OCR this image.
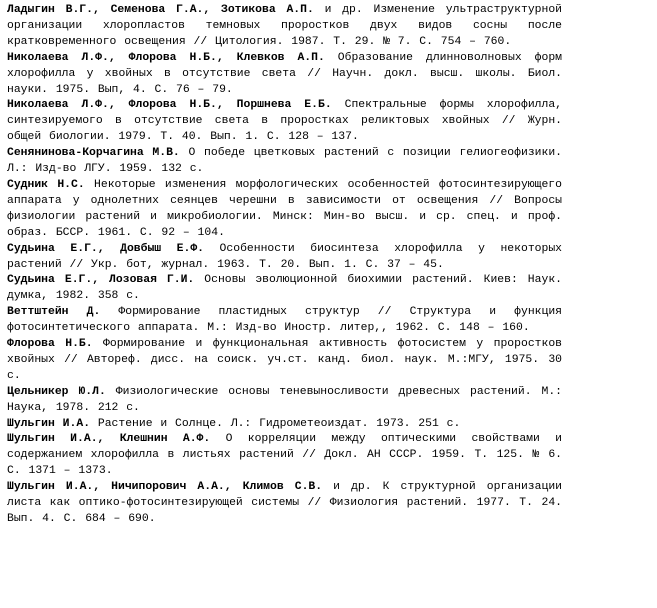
Ладыгин В.Г., Семенова Г.А., Зотикова А.П. и др. Изменение ультраструктурной организации хлоропластов темновых проростков двух видов сосны после кратковременного освещения // Цитология. 1987. Т. 29. № 7. С. 754 – 760.

Николаева Л.Ф., Флорова Н.Б., Клевков А.П. Образование длинноволновых форм хлорофилла у хвойных в отсутствие света // Научн. докл. высш. школы. Биол. науки. 1975. Вып, 4. С. 76 – 79.

Николаева Л.Ф., Флорова Н.Б., Поршнева Е.Б. Спектральные формы хлорофилла, синтезируемого в отсутствие света в проростках реликтовых хвойных // Журн. общей биологии. 1979. Т. 40. Вып. 1. С. 128 – 137.

Сенянинова-Корчагина М.В. О победе цветковых растений с позиции гелиогеофизики. Л.: Изд-во ЛГУ. 1959. 132 с.

Судник Н.С. Некоторые изменения морфологических особенностей фотосинтезирующего аппарата у однолетних сеянцев черешни в зависимости от освещения // Вопросы физиологии растений и микробиологии. Минск: Мин-во высш. и ср. спец. и проф. образ. БССР. 1961. С. 92 – 104.

Судьина Е.Г., Довбыш Е.Ф. Особенности биосинтеза хлорофилла у некоторых растений // Укр. бот, журнал. 1963. Т. 20. Вып. 1. С. 37 – 45.

Судьина Е.Г., Лозовая Г.И. Основы эволюционной биохимии растений. Киев: Наук. думка, 1982. 358 с.

Веттштейн Д. Формирование пластидных структур // Структура и функция фотосинтетического аппарата. М.: Изд-во Иностр. литер,, 1962. С. 148 – 160.

Флорова Н.Б. Формирование и функциональная активность фотосистем у проростков хвойных // Автореф. дисс. на соиск. уч.ст. канд. биол. наук. М.:МГУ, 1975. 30 с.

Цельникер Ю.Л. Физиологические основы теневыносливости древесных растений. М.: Наука, 1978. 212 с.

Шульгин И.А. Растение и Солнце. Л.: Гидрометеоиздат. 1973. 251 с.

Шульгин И.А., Клешнин А.Ф. О корреляции между оптическими свойствами и содержанием хлорофилла в листьях растений // Докл. АН СССР. 1959. Т. 125. № 6. С. 1371 – 1373.

Шульгин И.А., Ничипорович А.А., Климов С.В. и др. К структурной организации листа как оптико-фотосинтезирующей системы // Физиология растений. 1977. Т. 24. Вып. 4. С. 684 – 690.
